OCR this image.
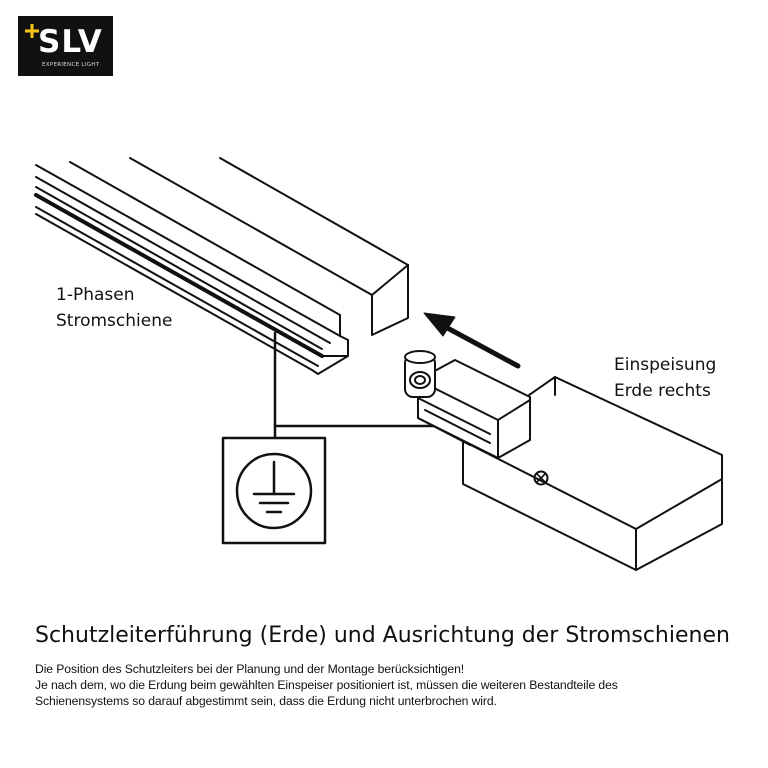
SLV
EXPERIENCE LIGHT
1-Phasen
Stromschiene
Einspeisung
Erde rechts
Schutzleiterführung (Erde) und Ausrichtung der Stromschienen
Die Position des Schutzleiters bei der Planung und der Montage berücksichtigen!
Je nach dem, wo die Erdung beim gewählten Einspeiser positioniert ist, müssen die weiteren Bestandteile des
Schienensystems so darauf abgestimmt sein, dass die Erdung nicht unterbrochen wird.
